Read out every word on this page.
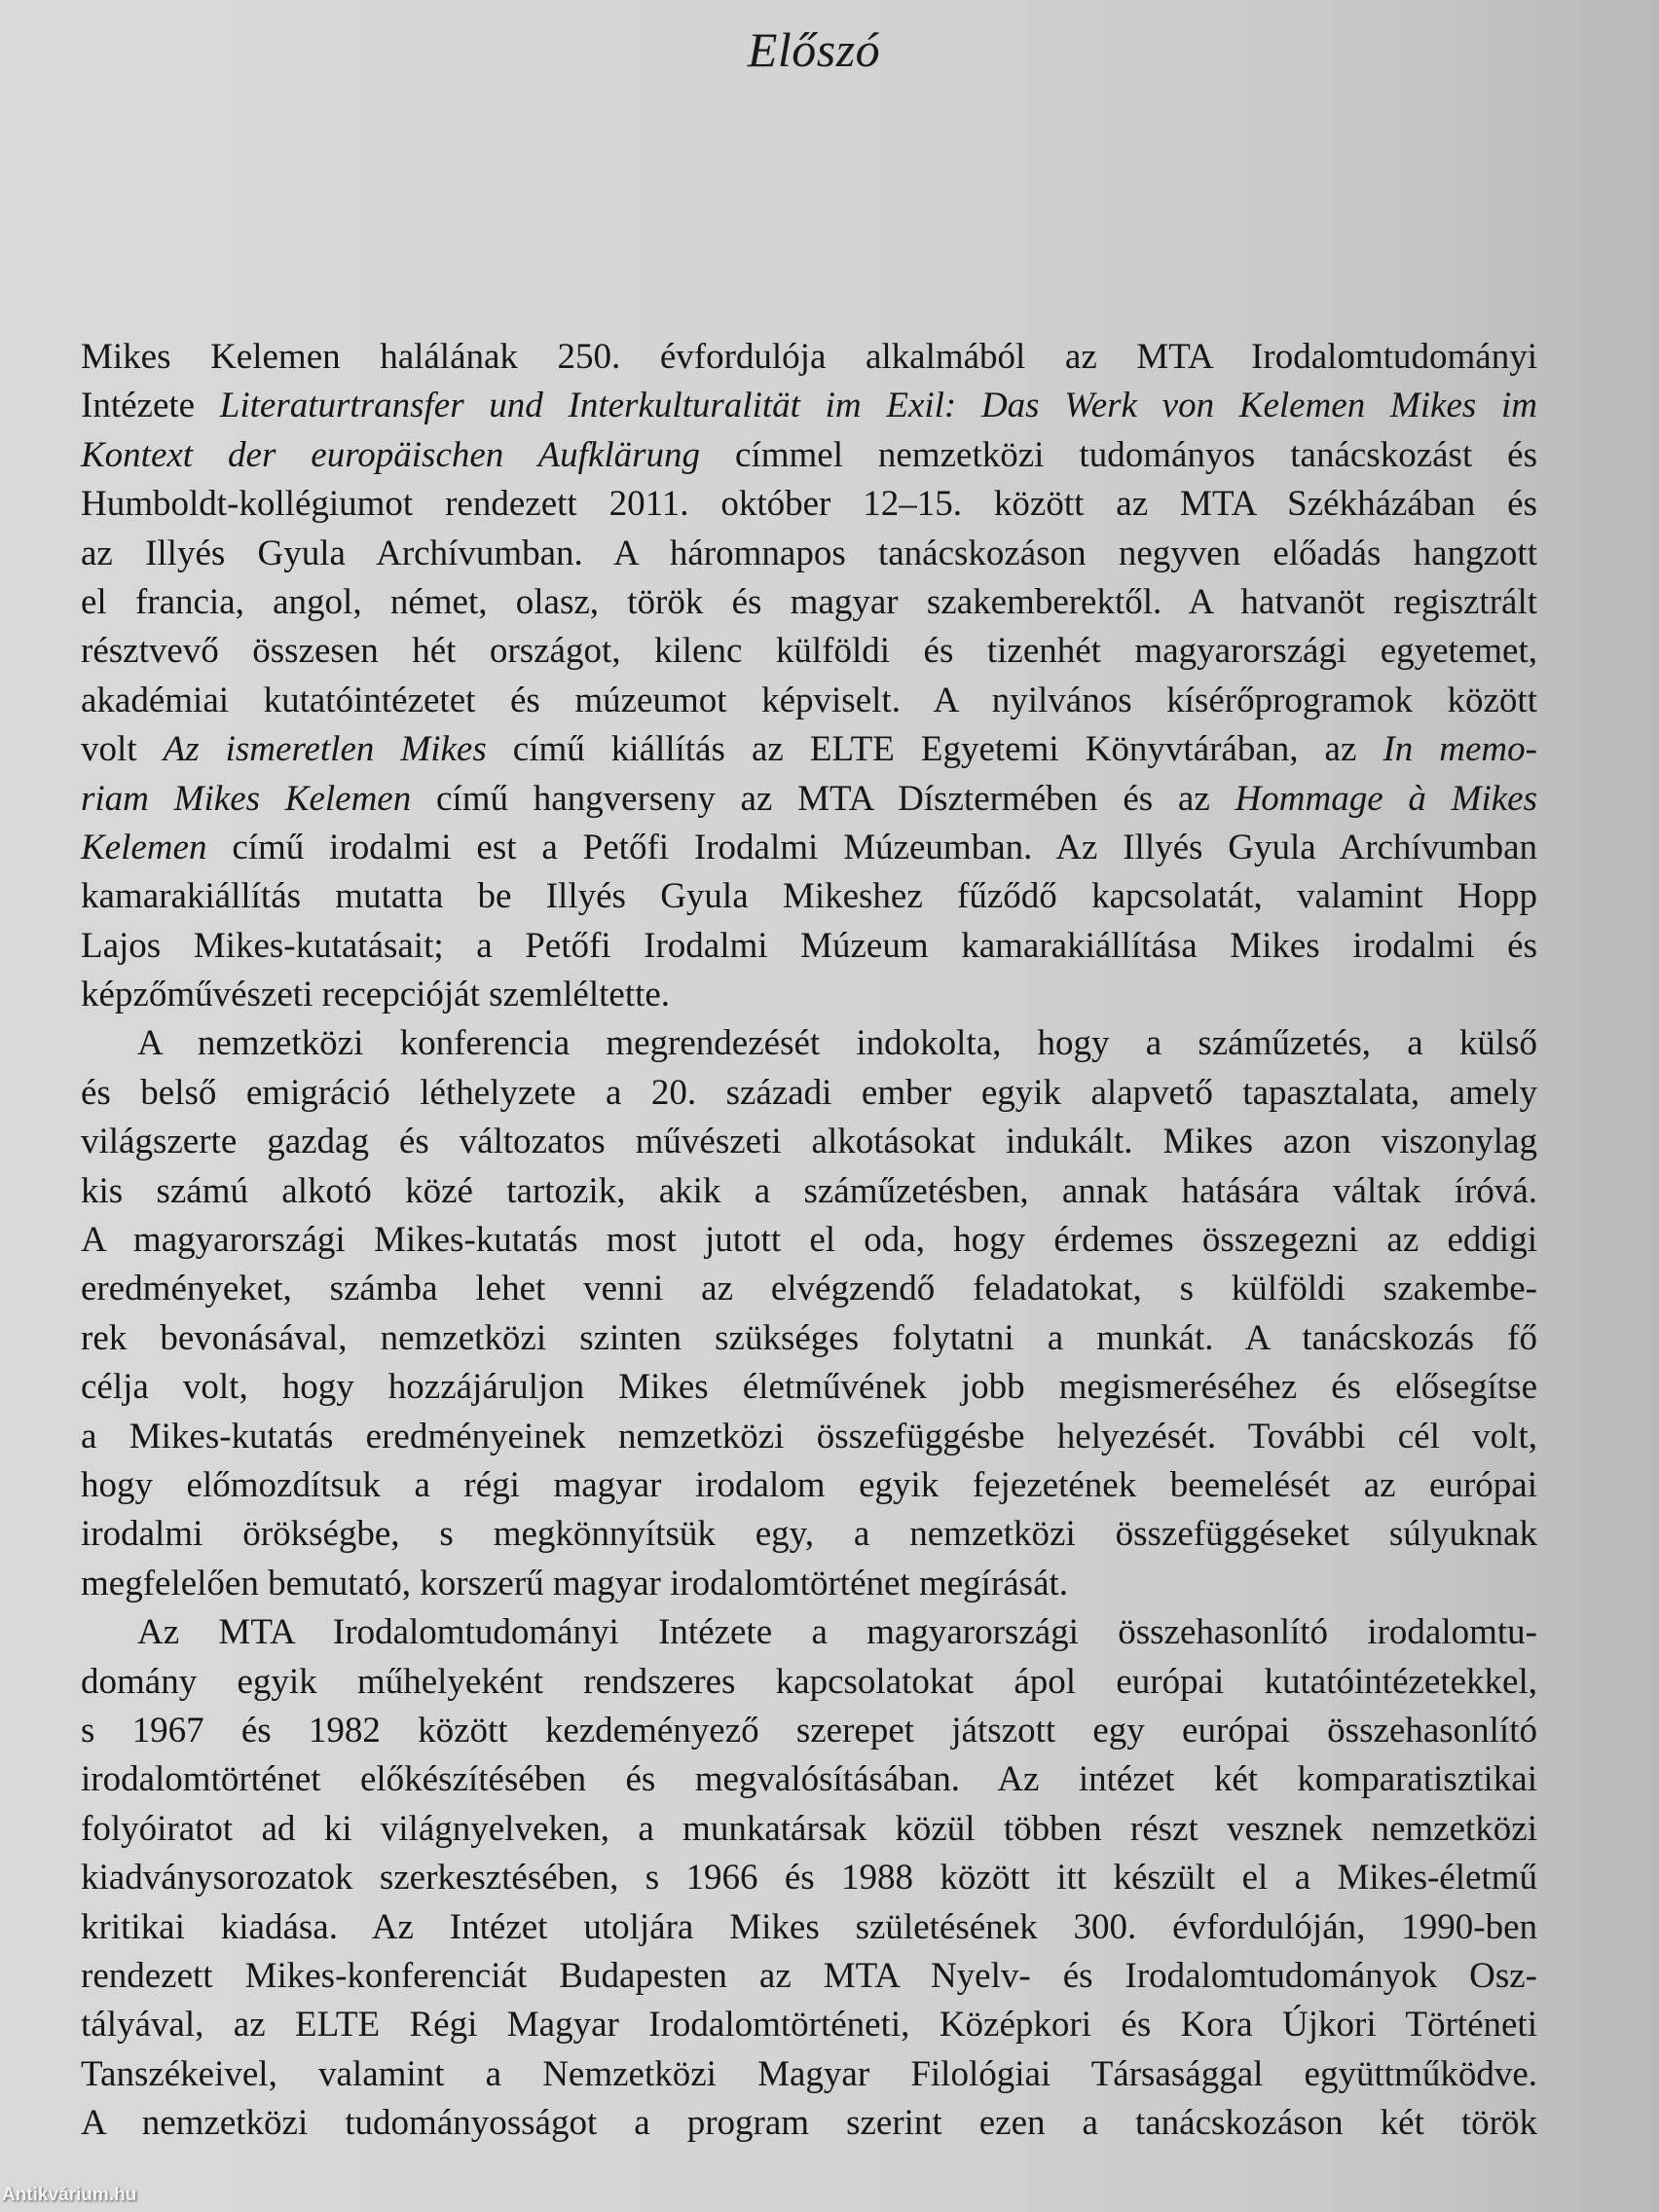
Előszó
Mikes Kelemen halálának 250. évfordulója alkalmából az MTA Irodalomtudományi
Intézete Literaturtransfer und Interkulturalität im Exil: Das Werk von Kelemen Mikes im
Kontext der europäischen Aufklärung címmel nemzetközi tudományos tanácskozást és
Humboldt-kollégiumot rendezett 2011. október 12–15. között az MTA Székházában és
az Illyés Gyula Archívumban. A háromnapos tanácskozáson negyven előadás hangzott
el francia, angol, német, olasz, török és magyar szakemberektől. A hatvanöt regisztrált
résztvevő összesen hét országot, kilenc külföldi és tizenhét magyarországi egyetemet,
akadémiai kutatóintézetet és múzeumot képviselt. A nyilvános kísérőprogramok között
volt Az ismeretlen Mikes című kiállítás az ELTE Egyetemi Könyvtárában, az In memo-
riam Mikes Kelemen című hangverseny az MTA Dísztermében és az Hommage à Mikes
Kelemen című irodalmi est a Petőfi Irodalmi Múzeumban. Az Illyés Gyula Archívumban
kamarakiállítás mutatta be Illyés Gyula Mikeshez fűződő kapcsolatát, valamint Hopp
Lajos Mikes-kutatásait; a Petőfi Irodalmi Múzeum kamarakiállítása Mikes irodalmi és
képzőművészeti recepcióját szemléltette.
A nemzetközi konferencia megrendezését indokolta, hogy a száműzetés, a külső
és belső emigráció léthelyzete a 20. századi ember egyik alapvető tapasztalata, amely
világszerte gazdag és változatos művészeti alkotásokat indukált. Mikes azon viszonylag
kis számú alkotó közé tartozik, akik a száműzetésben, annak hatására váltak íróvá.
A magyarországi Mikes-kutatás most jutott el oda, hogy érdemes összegezni az eddigi
eredményeket, számba lehet venni az elvégzendő feladatokat, s külföldi szakembe-
rek bevonásával, nemzetközi szinten szükséges folytatni a munkát. A tanácskozás fő
célja volt, hogy hozzájáruljon Mikes életművének jobb megismeréséhez és elősegítse
a Mikes-kutatás eredményeinek nemzetközi összefüggésbe helyezését. További cél volt,
hogy előmozdítsuk a régi magyar irodalom egyik fejezetének beemelését az európai
irodalmi örökségbe, s megkönnyítsük egy, a nemzetközi összefüggéseket súlyuknak
megfelelően bemutató, korszerű magyar irodalomtörténet megírását.
Az MTA Irodalomtudományi Intézete a magyarországi összehasonlító irodalomtu-
domány egyik műhelyeként rendszeres kapcsolatokat ápol európai kutatóintézetekkel,
s 1967 és 1982 között kezdeményező szerepet játszott egy európai összehasonlító
irodalomtörténet előkészítésében és megvalósításában. Az intézet két komparatisztikai
folyóiratot ad ki világnyelveken, a munkatársak közül többen részt vesznek nemzetközi
kiadványsorozatok szerkesztésében, s 1966 és 1988 között itt készült el a Mikes-életmű
kritikai kiadása. Az Intézet utoljára Mikes születésének 300. évfordulóján, 1990-ben
rendezett Mikes-konferenciát Budapesten az MTA Nyelv- és Irodalomtudományok Osz-
tályával, az ELTE Régi Magyar Irodalomtörténeti, Középkori és Kora Újkori Történeti
Tanszékeivel, valamint a Nemzetközi Magyar Filológiai Társasággal együttműködve.
A nemzetközi tudományosságot a program szerint ezen a tanácskozáson két török
Antikvárium.hu
